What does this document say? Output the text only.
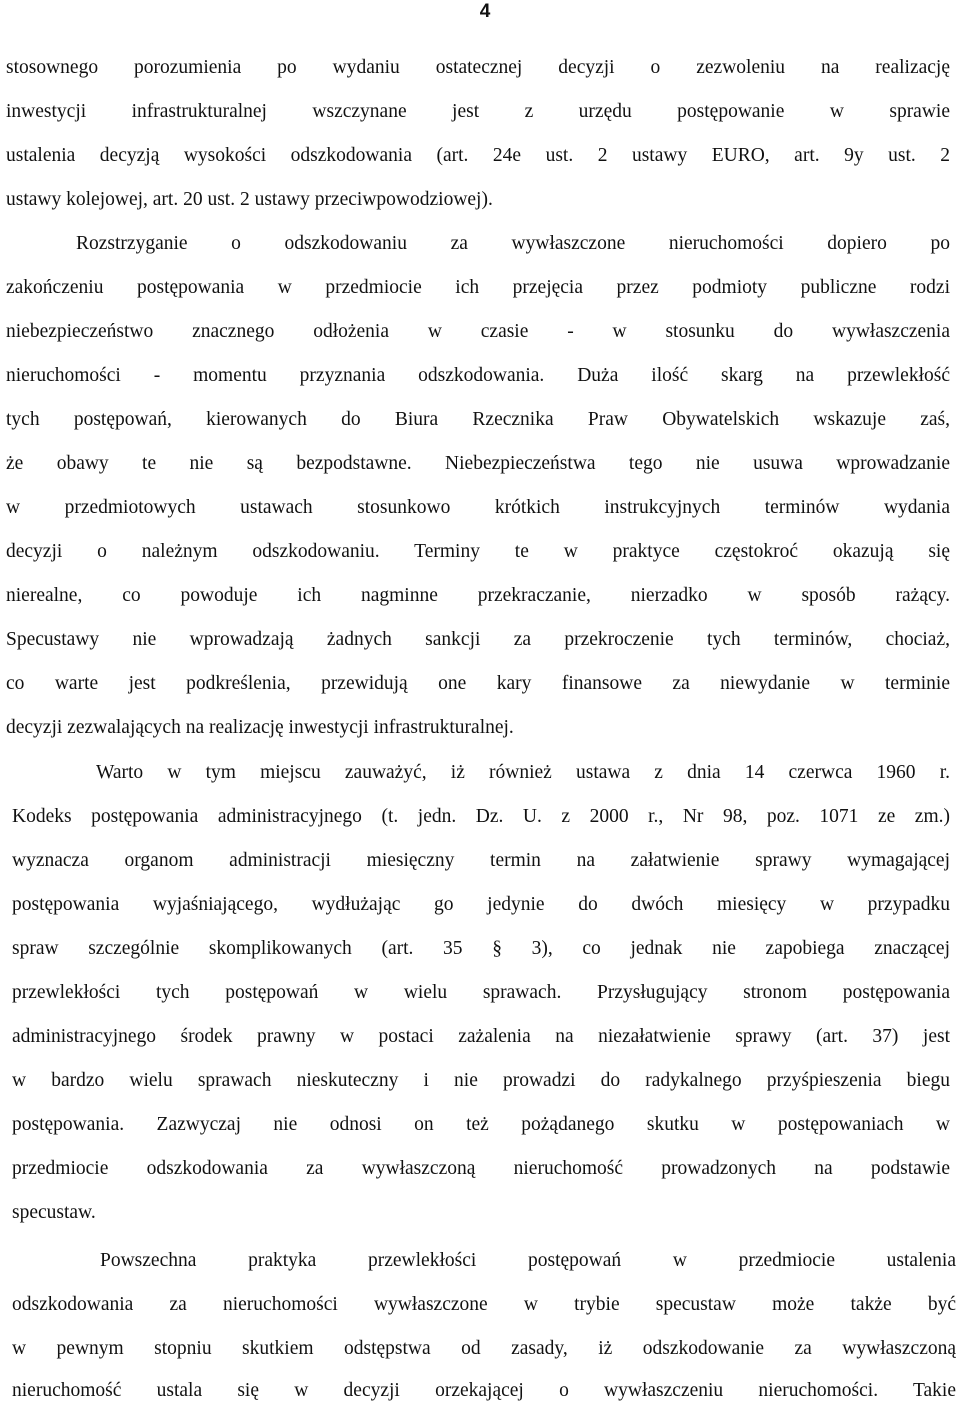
4
stosownego porozumienia po wydaniu ostatecznej decyzji o zezwoleniu na realizację
inwestycji infrastrukturalnej wszczynane jest z urzędu postępowanie w sprawie
ustalenia decyzją wysokości odszkodowania (art. 24e ust. 2 ustawy EURO, art. 9y ust. 2
ustawy kolejowej, art. 20 ust. 2 ustawy przeciwpowodziowej).
Rozstrzyganie o odszkodowaniu za wywłaszczone nieruchomości dopiero po
zakończeniu postępowania w przedmiocie ich przejęcia przez podmioty publiczne rodzi
niebezpieczeństwo znacznego odłożenia w czasie - w stosunku do wywłaszczenia
nieruchomości - momentu przyznania odszkodowania. Duża ilość skarg na przewlekłość
tych postępowań, kierowanych do Biura Rzecznika Praw Obywatelskich wskazuje zaś,
że obawy te nie są bezpodstawne. Niebezpieczeństwa tego nie usuwa wprowadzanie
w przedmiotowych ustawach stosunkowo krótkich instrukcyjnych terminów wydania
decyzji o należnym odszkodowaniu. Terminy te w praktyce częstokroć okazują się
nierealne, co powoduje ich nagminne przekraczanie, nierzadko w sposób rażący.
Specustawy nie wprowadzają żadnych sankcji za przekroczenie tych terminów, chociaż,
co warte jest podkreślenia, przewidują one kary finansowe za niewydanie w terminie
decyzji zezwalających na realizację inwestycji infrastrukturalnej.
Warto w tym miejscu zauważyć, iż również ustawa z dnia 14 czerwca 1960 r.
Kodeks postępowania administracyjnego (t. jedn. Dz. U. z 2000 r., Nr 98, poz. 1071 ze zm.)
wyznacza organom administracji miesięczny termin na załatwienie sprawy wymagającej
postępowania wyjaśniającego, wydłużając go jedynie do dwóch miesięcy w przypadku
spraw szczególnie skomplikowanych (art. 35 § 3), co jednak nie zapobiega znaczącej
przewlekłości tych postępowań w wielu sprawach. Przysługujący stronom postępowania
administracyjnego środek prawny w postaci zażalenia na niezałatwienie sprawy (art. 37) jest
w bardzo wielu sprawach nieskuteczny i nie prowadzi do radykalnego przyśpieszenia biegu
postępowania. Zazwyczaj nie odnosi on też pożądanego skutku w postępowaniach w
przedmiocie odszkodowania za wywłaszczoną nieruchomość prowadzonych na podstawie
specustaw.
Powszechna praktyka przewlekłości postępowań w przedmiocie ustalenia
odszkodowania za nieruchomości wywłaszczone w trybie specustaw może także być
w pewnym stopniu skutkiem odstępstwa od zasady, iż odszkodowanie za wywłaszczoną
nieruchomość ustala się w decyzji orzekającej o wywłaszczeniu nieruchomości. Takie
